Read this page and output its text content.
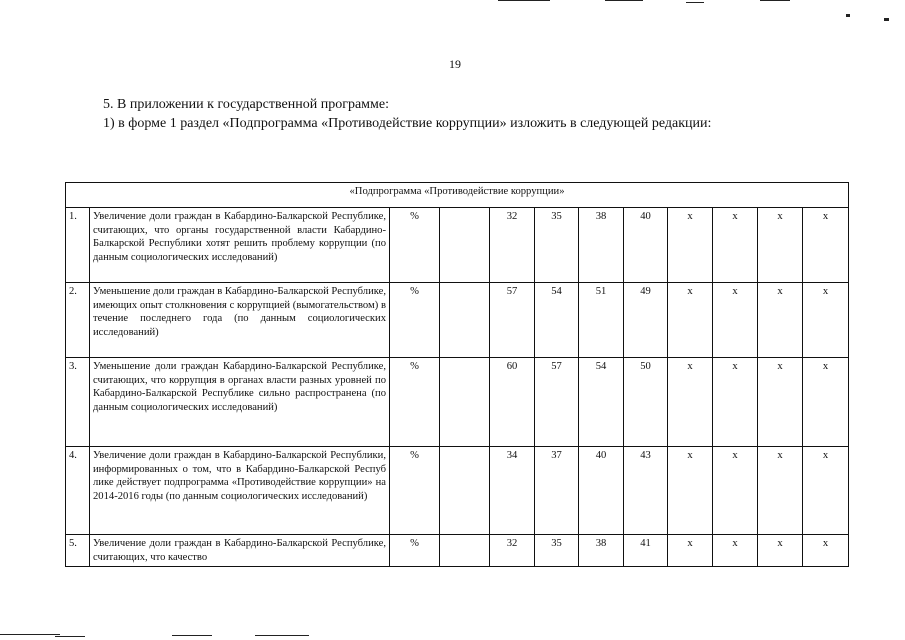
19
5. В приложении к государственной программе:
1) в форме 1 раздел «Подпрограмма «Противодействие коррупции» изложить в следующей редакции:
«Подпрограмма «Противодействие коррупции»											
1.	Увеличение доли граждан в Кабардино-Балкарской Республике, считающих, что органы государственной власти Кабардино-Балкарской Республики хотят решить проблему коррупции (по данным социологических исследований)	%		32	35	38	40	x	x	x	x
2.	Уменьшение доли граждан в Кабардино-Балкарской Республике, имеющих опыт столкновения с коррупцией (вымогательством) в течение последнего года (по данным социологических исследований)	%		57	54	51	49	x	x	x	x
3.	Уменьшение доли граждан Кабардино-Балкарской Республике, считающих, что коррупция в органах власти разных уровней по Кабардино-Балкарской Республике сильно распространена (по данным социологических исследований)	%		60	57	54	50	x	x	x	x
4.	Увеличение доли граждан в Кабардино-Балкарской Республики, информированных о том, что в Кабардино-Балкарской Респуб лике действует подпрограмма «Противодействие коррупции» на 2014-2016 годы (по данным социологических исследований)	%		34	37	40	43	x	x	x	x
5.	Увеличение доли граждан в Кабардино-Балкарской Республике, считающих, что качество	%		32	35	38	41	x	x	x	x
